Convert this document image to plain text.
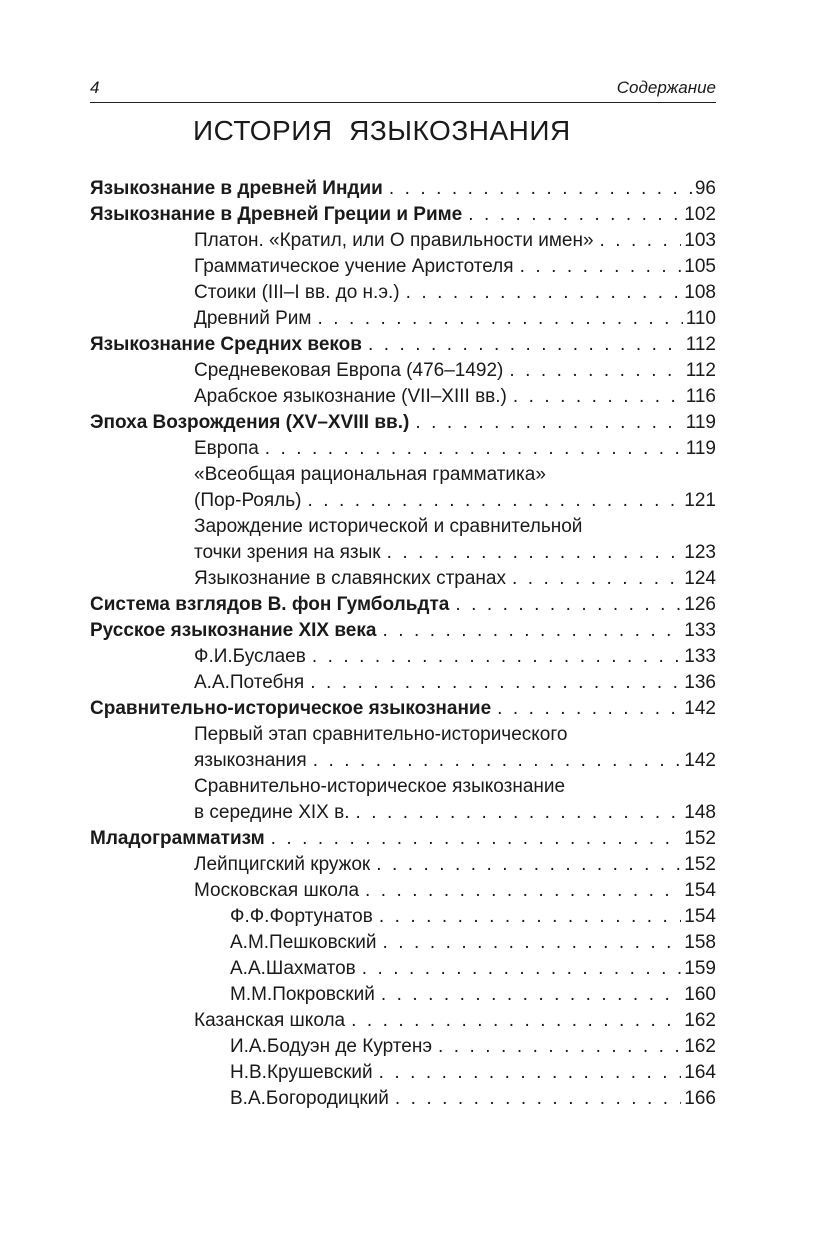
4	Содержание
ИСТОРИЯ  ЯЗЫКОЗНАНИЯ
Языкознание в древней Индии . . .	96
Языкознание в Древней Греции и Риме . . .	102
Платон. «Кратил, или О правильности имен» . . .	103
Грамматическое учение Аристотеля . . .	105
Стоики (III–I вв. до н.э.) . . .	108
Древний Рим . . .	110
Языкознание Средних веков . . .	112
Средневековая Европа (476–1492) . . .	112
Арабское языкознание (VII–XIII вв.) . . .	116
Эпоха Возрождения (XV–XVIII вв.) . . .	119
Европа . . .	119
«Всеобщая рациональная грамматика»
(Пор-Рояль) . . .	121
Зарождение исторической и сравнительной
точки зрения на язык . . .	123
Языкознание в славянских странах . . .	124
Система взглядов В. фон Гумбольдта . . .	126
Русское языкознание XIX века . . .	133
Ф.И.Буслаев . . .	133
А.А.Потебня . . .	136
Сравнительно-историческое языкознание . . .	142
Первый этап сравнительно-исторического
языкознания . . .	142
Сравнительно-историческое языкознание
в середине XIX в. . . .	148
Младограмматизм . . .	152
Лейпцигский кружок . . .	152
Московская школа . . .	154
Ф.Ф.Фортунатов . . .	154
А.М.Пешковский . . .	158
А.А.Шахматов . . .	159
М.М.Покровский . . .	160
Казанская школа . . .	162
И.А.Бодуэн де Куртенэ . . .	162
Н.В.Крушевский . . .	164
В.А.Богородицкий . . .	166
